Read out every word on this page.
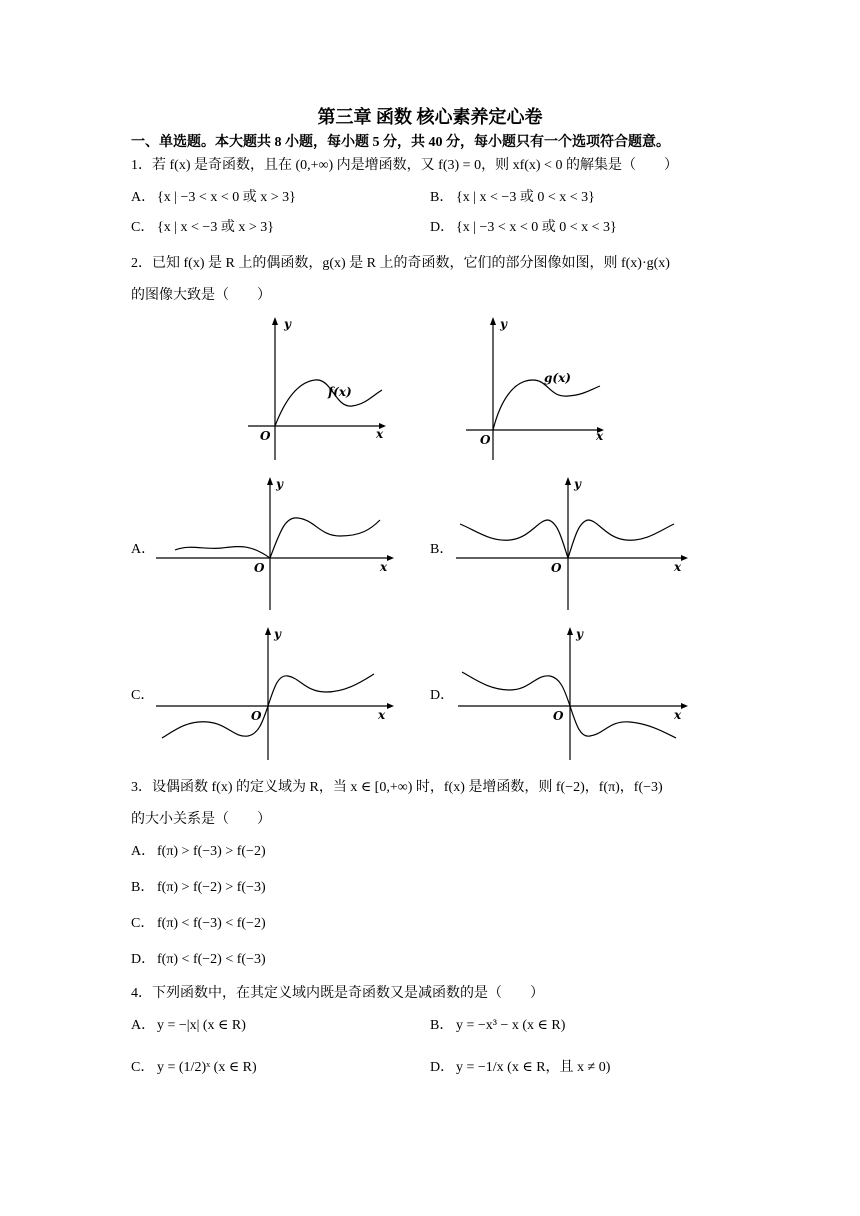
第三章 函数 核心素养定心卷
一、单选题。本大题共 8 小题，每小题 5 分，共 40 分，每小题只有一个选项符合题意。
1．若 f(x) 是奇函数，且在 (0,+∞) 内是增函数，又 f(3) = 0，则 xf(x) < 0 的解集是（　　）
A． {x | −3 < x < 0 或 x > 3}	B． {x | x < −3 或 0 < x < 3}
C． {x | x < −3 或 x > 3}	D． {x | −3 < x < 0 或 0 < x < 3}
2．已知 f(x) 是 R 上的偶函数，g(x) 是 R 上的奇函数，它们的部分图像如图，则 f(x)·g(x)
的图像大致是（　　）
y
x
O
f(x)
y
x
O
g(x)
A．
y
x
O
B．
y
x
O
C．
y
x
O
D．
y
x
O
3．设偶函数 f(x) 的定义域为 R，当 x ∈ [0,+∞) 时，f(x) 是增函数，则 f(−2)，f(π)，f(−3)
的大小关系是（　　）
A． f(π) > f(−3) > f(−2)
B． f(π) > f(−2) > f(−3)
C． f(π) < f(−3) < f(−2)
D． f(π) < f(−2) < f(−3)
4．下列函数中，在其定义域内既是奇函数又是减函数的是（　　）
A． y = −|x| (x ∈ R)	B． y = −x³ − x (x ∈ R)
C． y = (1/2)ˣ (x ∈ R)	D． y = −1/x (x ∈ R，且 x ≠ 0)
